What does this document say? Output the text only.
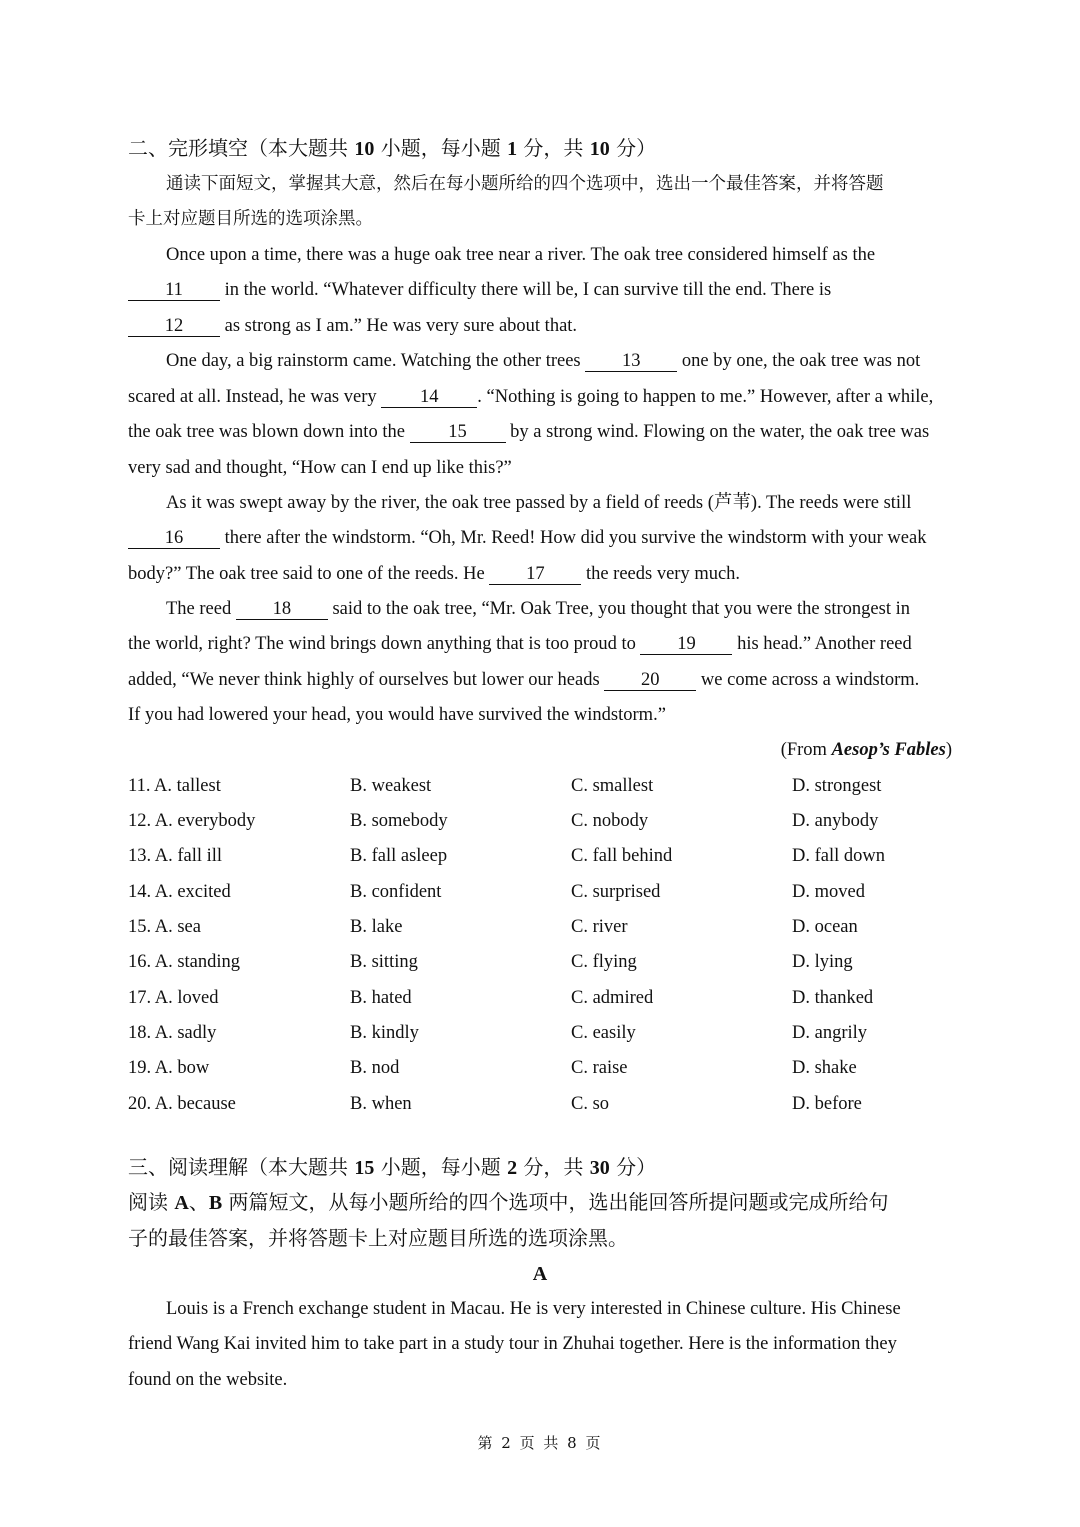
二、完形填空（本大题共 10 小题，每小题 1 分，共 10 分）
通读下面短文，掌握其大意，然后在每小题所给的四个选项中，选出一个最佳答案，并将答题
卡上对应题目所选的选项涂黑。
Once upon a time, there was a huge oak tree near a river. The oak tree considered himself as the
11 in the world. “Whatever difficulty there will be, I can survive till the end. There is
12 as strong as I am.” He was very sure about that.
One day, a big rainstorm came. Watching the other trees 13 one by one, the oak tree was not
scared at all. Instead, he was very 14 . “Nothing is going to happen to me.” However, after a while,
the oak tree was blown down into the 15 by a strong wind. Flowing on the water, the oak tree was
very sad and thought, “How can I end up like this?”
As it was swept away by the river, the oak tree passed by a field of reeds (芦苇). The reeds were still
16 there after the windstorm. “Oh, Mr. Reed! How did you survive the windstorm with your weak
body?” The oak tree said to one of the reeds. He 17 the reeds very much.
The reed 18 said to the oak tree, “Mr. Oak Tree, you thought that you were the strongest in
the world, right? The wind brings down anything that is too proud to 19 his head.” Another reed
added, “We never think highly of ourselves but lower our heads 20 we come across a windstorm.
If you had lowered your head, you would have survived the windstorm.”
(From Aesop’s Fables)
11. A. tallest	B. weakest	C. smallest	D. strongest
12. A. everybody	B. somebody	C. nobody	D. anybody
13. A. fall ill	B. fall asleep	C. fall behind	D. fall down
14. A. excited	B. confident	C. surprised	D. moved
15. A. sea	B. lake	C. river	D. ocean
16. A. standing	B. sitting	C. flying	D. lying
17. A. loved	B. hated	C. admired	D. thanked
18. A. sadly	B. kindly	C. easily	D. angrily
19. A. bow	B. nod	C. raise	D. shake
20. A. because	B. when	C. so	D. before
三、阅读理解（本大题共 15 小题，每小题 2 分，共 30 分）
阅读 A、B 两篇短文，从每小题所给的四个选项中，选出能回答所提问题或完成所给句
子的最佳答案，并将答题卡上对应题目所选的选项涂黑。
A
Louis is a French exchange student in Macau. He is very interested in Chinese culture. His Chinese
friend Wang Kai invited him to take part in a study tour in Zhuhai together. Here is the information they
found on the website.
第 2 页 共 8 页
